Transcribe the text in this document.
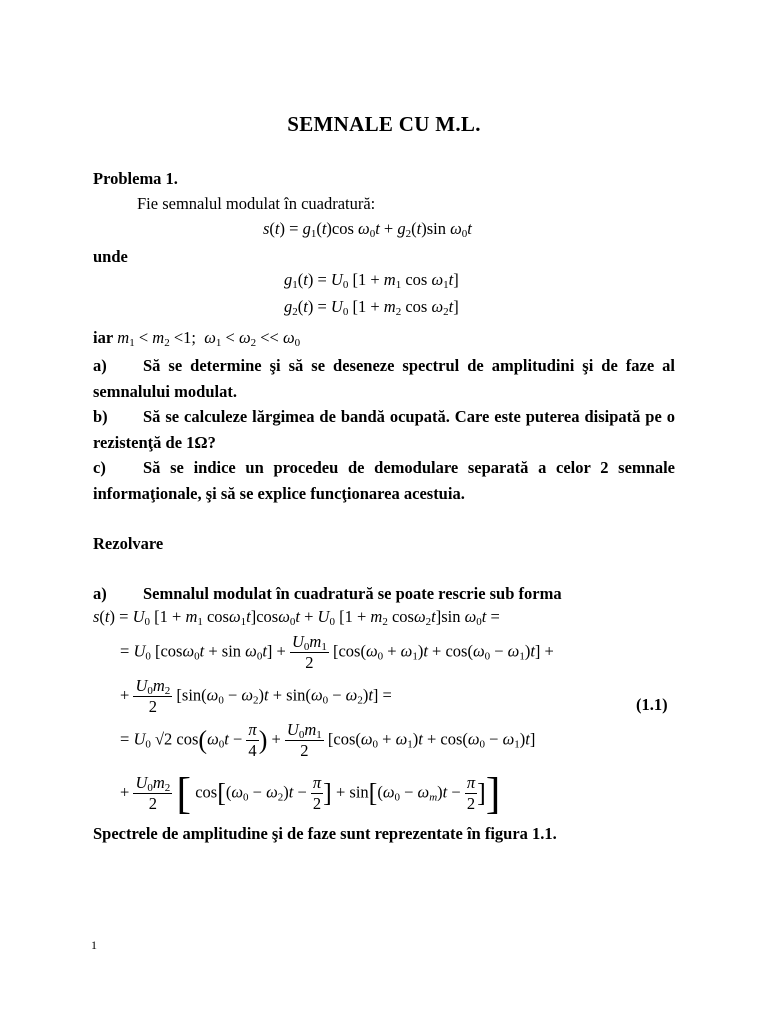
SEMNALE CU M.L.
Problema 1.
Fie semnalul modulat în cuadratură:
$s(t) = g_1(t)\cos$ $\omega_0t + g_2(t)\sin$ $\omega_0t$
unde
$g_1(t) = U_0$ [$1 + m_1$ $\cos \omega_1t$]
$g_2(t) = U_0$ [$1 + m_2$ $\cos \omega_2t$]
iar $m_1 < m_2 <1$;  $\omega_1 < \omega_2 << \omega_0$
a) Să se determine şi să se deseneze spectrul de amplitudini şi de faze al semnalului modulat.
b) Să se calculeze lărgimea de bandă ocupată. Care este puterea disipată pe o rezistenţă de 1Ω?
c) Să se indice un procedeu de demodulare separată a celor 2 semnale informaţionale, şi să se explice funcţionarea acestuia.
Rezolvare
a) Semnalul modulat în cuadratură se poate rescrie sub forma
$s(t) = U_0$ [$1 + m_1$ $\cos\omega_1t]\cos\omega_0t + U_0$ [$1 + m_2$ cosω$_2$t]sin $\omega_0t$ =
= $U_0$ $[\cos\omega_0t + \sin \omega_0t] + \frac{U_0m_1}{2} [\cos(\omega_0 + \omega_1)t + \cos(\omega_0 - \omega_1)t]$ +
+ $\frac{U_0m_2}{2} [\sin(\omega_0 - \omega_2)t + \sin(\omega_0 - \omega_2)t]$ =
(1.1)
= $U_0$ √2 $\cos(\omega_0t - \frac{\pi}{4}$ ) + $\frac{U_0m_1}{2} [\cos(\omega_0 + \omega_1)t + \cos(\omega_0 - \omega_1)t]$
+ $\frac{U_0m_2}{2}$ [ $\cos[(\omega_0 - \omega_2)t - \frac{\pi}{2}$ ] + $\sin[(\omega_0 - \omega_m)t - \frac{\pi}{2}$ ]]
Spectrele de amplitudine şi de faze sunt reprezentate în figura 1.1.
1
